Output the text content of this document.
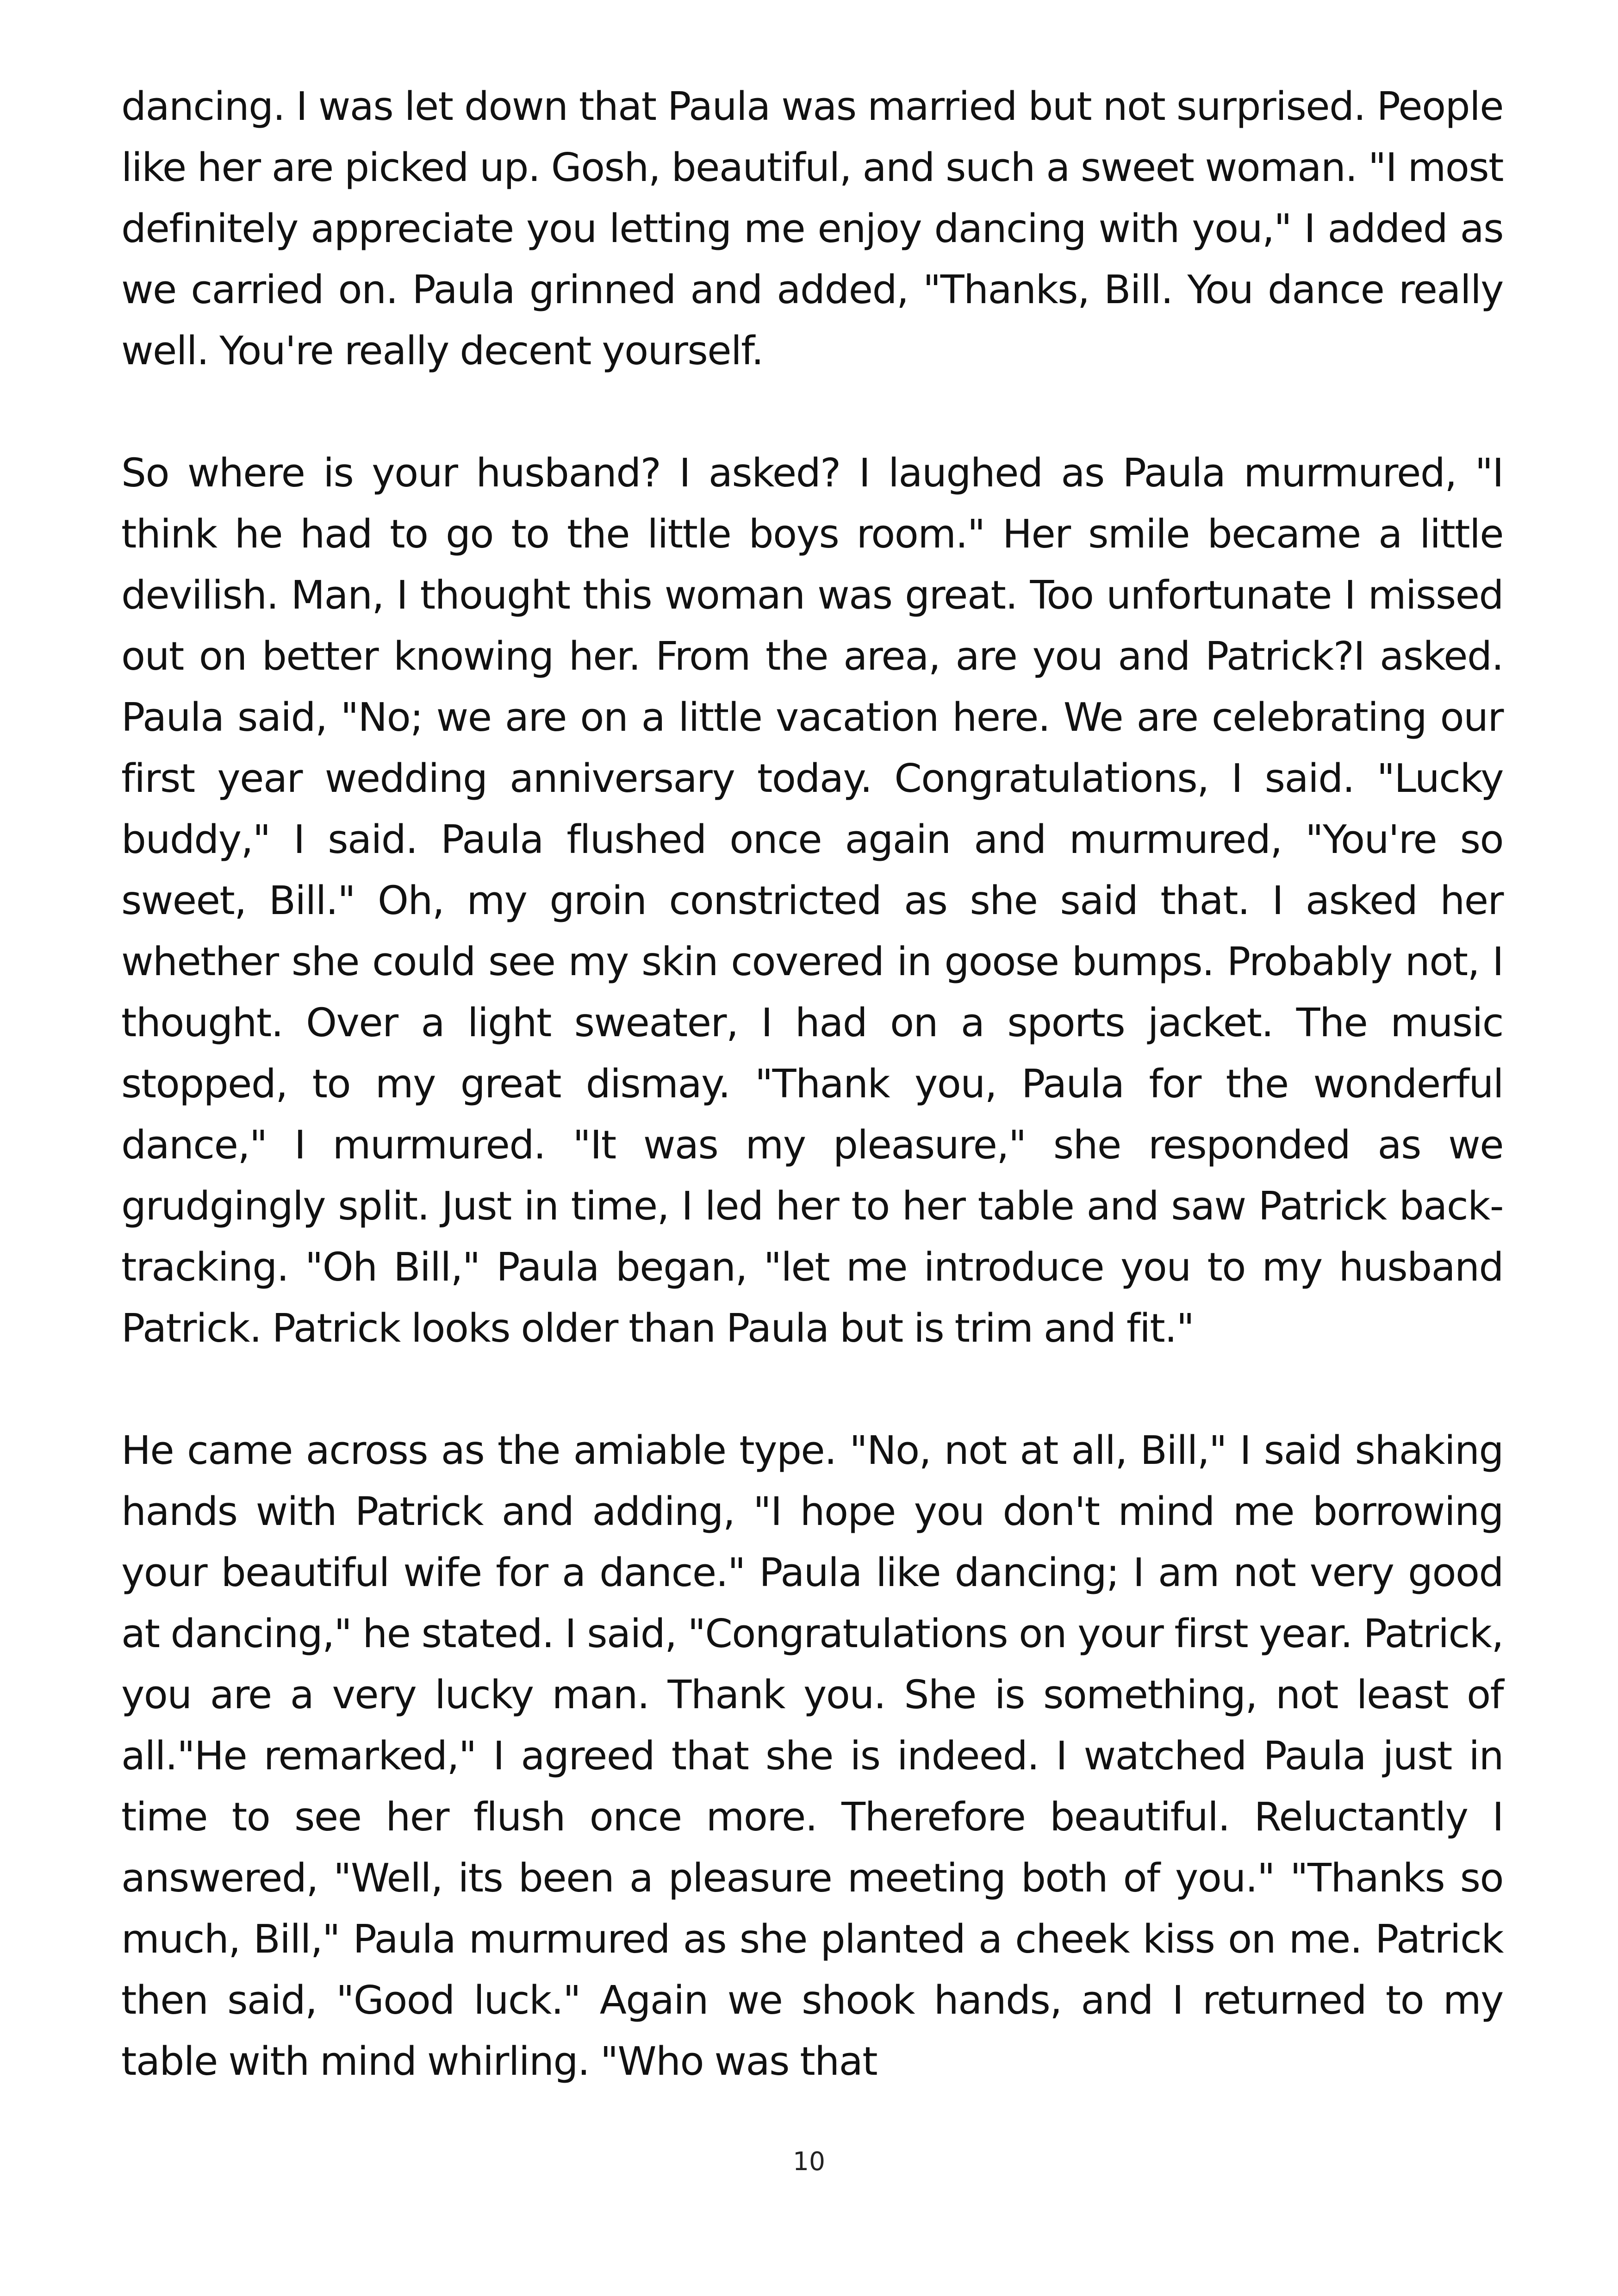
dancing. I was let down that Paula was married but not surprised. People like her are picked up. Gosh, beautiful, and such a sweet woman. "I most definitely appreciate you letting me enjoy dancing with you," I added as we carried on. Paula grinned and added, "Thanks, Bill. You dance really well. You're really decent yourself.

So where is your husband? I asked? I laughed as Paula murmured, "I think he had to go to the little boys room." Her smile became a little devilish. Man, I thought this woman was great. Too unfortunate I missed out on better knowing her. From the area, are you and Patrick?I asked. Paula said, "No; we are on a little vacation here. We are celebrating our first year wedding anniversary today. Congratulations, I said. "Lucky buddy," I said. Paula flushed once again and murmured, "You're so sweet, Bill." Oh, my groin constricted as she said that. I asked her whether she could see my skin covered in goose bumps. Probably not, I thought. Over a light sweater, I had on a sports jacket. The music stopped, to my great dismay. "Thank you, Paula for the wonderful dance," I murmured. "It was my pleasure," she responded as we grudgingly split. Just in time, I led her to her table and saw Patrick back-tracking. "Oh Bill," Paula began, "let me introduce you to my husband Patrick. Patrick looks older than Paula but is trim and fit."

He came across as the amiable type. "No, not at all, Bill," I said shaking hands with Patrick and adding, "I hope you don't mind me borrowing your beautiful wife for a dance." Paula like dancing; I am not very good at dancing," he stated. I said, "Congratulations on your first year. Patrick, you are a very lucky man. Thank you. She is something, not least of all."He remarked," I agreed that she is indeed. I watched Paula just in time to see her flush once more. Therefore beautiful. Reluctantly I answered, "Well, its been a pleasure meeting both of you." "Thanks so much, Bill," Paula murmured as she planted a cheek kiss on me. Patrick then said, "Good luck." Again we shook hands, and I returned to my table with mind whirling. "Who was that

10
